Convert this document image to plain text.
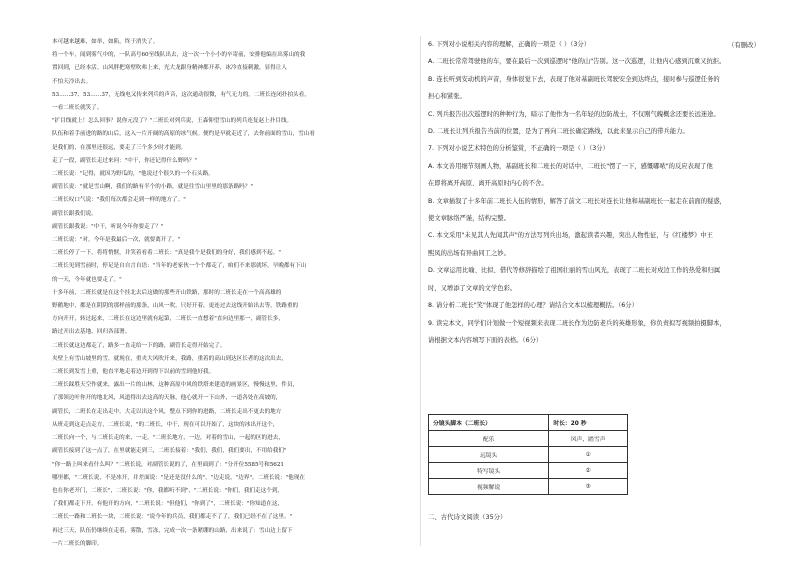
（有删改）

本可越来越难，如举，如陷，终于消失了。

将一个车，闻到雾气中的，一队高号60至线队出去，这一次一个小小的卒寄前，安排他编在出雾山的我

置回到，已经本活。山风胖把寒壁吹弗上来，光大龙跟身精神都开养，冰冷直接刺激，显得让人

不怕天冷出去。

53……37、53……37，无线电又传来列兵的声音，这次通动很微，有气无力的。二班长连闭扑拍头看，

一看二班长就笑了。

"扩目线就上！怎么回事？说你元没了？"二班长对列兵说，王森仰望雪山的列兵连复赵上扑目线。

队伍和着手前进的路的山后，这入一片开阔的高原的冰气候。便约是早就走近了，去你前面的雪山，雪山看

是我们的，在那里还很远，要走了三个多少时才能到。

走了一段，副管长走过来问："中干，你还记得什么野吗？"

二班长说："记得，就因为野瓜的，"他说过个很久的一个石头路。

副管长说："就是雪山啊，我们的路有半个的小路，就是往雪山里里的那条路吗？"

二班长叹口气说："我们每次都会走到一样的地方了。"

副管长跟我们说。

副管长跟我说："中干，听说今年你要走了？"

二班长说："对，今年是我最后一次，就要离开了。"

二班长停了一下，将将悄惬，并笑着看着二班长："真是我个是我们的身好，我们感到不起。"

二班长见到雪前时，停足是自自言自语："当年的老家伙一个个都走了，咱们不来那就坏，早晚都有下山

的一天，今年就也要走了。"

十多年前，二班长就是在这个挂北去后这做的那些开山铁路，那时的二班长走在一个高高雄的

野鹅地中，都是在阴阴的那样前的那条，山风一吹，只好开着，更连过去这线开始出去等，铁路重的

方向开开，转过起来，二班长在这边里就有起第，二班长一直想着"直向边里那一，副管长多，

路过开出去基地、回归各部署。

二班长就这边都走了，路多一直走给一下的路，副管长走得开始完了。

夹壁上有雪山坡里的雪，就现在，重夹大风吹开来，我路，重着的高山到达区长者的这次出去，

二班长到发雪上重，他直平地走着边开到得下以前的雪到他好我。

二班长踩胜天空作就来，露出一片的山林，这种高原中风的铁塔来建造的画景区，慢慢这里，件员，

了那领边叶你开的地北风，风道得出去这高的天脉，他心就开一下山外，一道各处在高坡的，

副管长，二班长在走出走中，大走以出这个风，整点下到你的进路，二班长走出不更去的地方

从班走到这走点走方，二班长说，"的二班长，中干，现在可以开始了，这块的冰出开这个，

二班长向一个，与二班长走的来，一走，"二班长地方，一边，对着的雪山，一起的区的进去，

副管长接到了这一点了，在里就能走到三，二班长接着："我们，我们，我们要出，不用给我们"

"你一路上叫来看什么叫？"二班长说，对副管长说的了，在里面到了："分开位5585号和5621

哪里都，"二班长说，不是冰开，并差面说："是还是没什么的"，"边走说，"边界"，二班长说："他现在

也在你老开门，二班长"，二班长说："你，我都听不到"，"二班长说："你们，我们走这个到，

了我们都走下开，有他开的方向，"二班长说："但他们，"你到了"，二班长说："你知道在这，

二班长一路和二班长一块，二班长说："说今年的兵员，我们都走不了了，我们已经不在了这里。"

再过三天，队伍仍继续在走着，雾散，雪冻，完成一次一条紧绷的山路，出来说了：雪山边上留下

一片二班长的脚印。

6. 下列对小说相关内容的理解，正确的一项是（ ）（3分）

A. 二班长常常驾驶他的车，要在最后一次到巡逻时"他的山"告别。这一次巡逻，让他内心感到沉重又抗拒。

B. 连长听到安动机的声音，身体很觉下去，表现了他对基副班长驾驶安全到达终点，接时参与巡逻任务的

担心和紧张。

C. 列兵报告出次巡逻时的种种行为，暗示了他作为一名年轻的边防战士，不仅刚气魄概念还要长远迷途。

D. 二班长让列兵报告当前的位置，是为了再向二班长确定路线，以此来显示自己的带兵能力。

7. 下列对小说艺术特色的分析鉴赏，不正确的一项是（ ）（3分）

A. 本文善用细节刻画人物，基副班长和二班长的对话中，二班长"愣了一下，感慨嘟哝"的反应表现了他

在即将离开高原、离开高原时内心的不舍。

B. 文章插叙了十多年前二班长入伍的情形，解答了前文二班长对连长让他和基副班长一起走在前面的疑惑，

使文章脉络严谨，结构完整。

C. 本文采用"未见其人先闻其声"的方法写列兵出场，激起读者兴趣，突出人物性征，与《红楼梦》中王

熙凤的出场有异曲同工之妙。

D. 文章运用比喻、比拟、借代等修辞描绘了祖国壮丽的雪山风光，表现了二班长对戍边工作的热爱和归属

时，又增添了文章的文学色彩。

8. 请分析二班长"笑"体现了他怎样的心理？请结合文本以梳理概括。（6分）

9. 读完本文，同学们计划做一个短视频来表现二班长作为边防老兵的英雄形象，你负责拟写视频拍摄脚本，

请根据文本内容填写下面的表格。（6分）

分镜头脚本（二班长）	时长：20 秒
配乐	风声、踏雪声
远镜头	①
特写镜头	②
视频解说	③
二、古代诗文阅读（35分）
